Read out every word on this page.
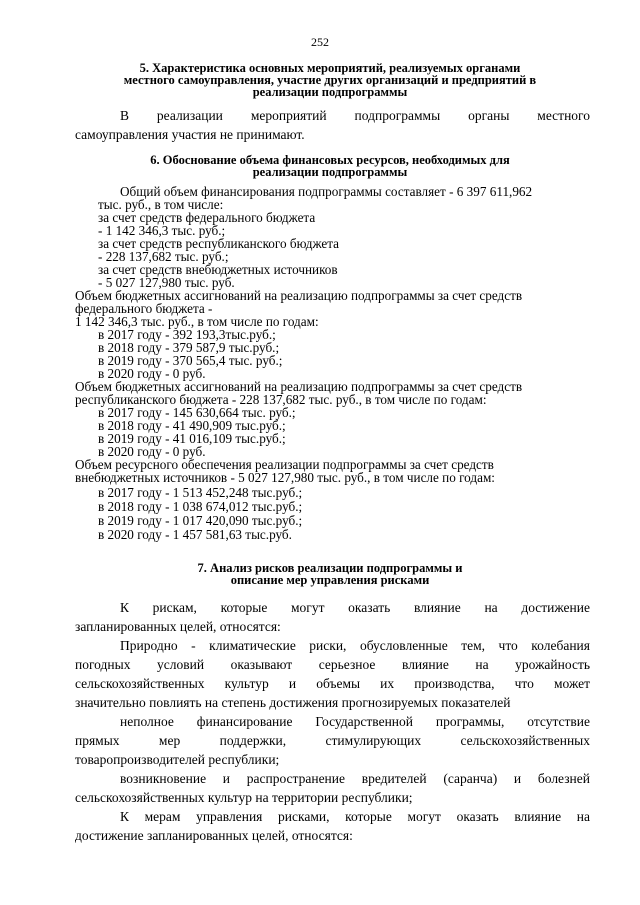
252
5. Характеристика основных мероприятий, реализуемых органами
местного самоуправления, участие других организаций и предприятий в
реализации подпрограммы
В реализации мероприятий подпрограммы органы местного
самоуправления участия не принимают.
6. Обоснование объема финансовых ресурсов, необходимых для
реализации подпрограммы
Общий объем финансирования подпрограммы составляет - 6 397 611,962
тыс. руб., в том числе:
за счет средств федерального бюджета
- 1 142 346,3 тыс. руб.;
за счет средств республиканского бюджета
- 228 137,682 тыс. руб.;
за счет средств внебюджетных источников
- 5 027 127,980 тыс. руб.
Объем бюджетных ассигнований на реализацию подпрограммы за счет средств
федерального бюджета -
1 142 346,3 тыс. руб., в том числе по годам:
в 2017 году - 392 193,3тыс.руб.;
в 2018 году - 379 587,9 тыс.руб.;
в 2019 году - 370 565,4 тыс. руб.;
в 2020 году - 0 руб.
Объем бюджетных ассигнований на реализацию подпрограммы за счет средств
республиканского бюджета - 228 137,682 тыс. руб., в том числе по годам:
в 2017 году - 145 630,664 тыс. руб.;
в 2018 году - 41 490,909 тыс.руб.;
в 2019 году - 41 016,109 тыс.руб.;
в 2020 году - 0 руб.
Объем ресурсного обеспечения реализации подпрограммы за счет средств
внебюджетных источников - 5 027 127,980 тыс. руб., в том числе по годам:
в 2017 году - 1 513 452,248 тыс.руб.;
в 2018 году - 1 038 674,012 тыс.руб.;
в 2019 году - 1 017 420,090 тыс.руб.;
в 2020 году - 1 457 581,63 тыс.руб.
7. Анализ рисков реализации подпрограммы и
описание мер управления рисками
К рискам, которые могут оказать влияние на достижение
запланированных целей, относятся:
Природно - климатические риски, обусловленные тем, что колебания
погодных условий оказывают серьезное влияние на урожайность
сельскохозяйственных культур и объемы их производства, что может
значительно повлиять на степень достижения прогнозируемых показателей
неполное финансирование Государственной программы, отсутствие
прямых мер поддержки, стимулирующих сельскохозяйственных
товаропроизводителей республики;
возникновение и распространение вредителей (саранча) и болезней
сельскохозяйственных культур на территории республики;
К мерам управления рисками, которые могут оказать влияние на
достижение запланированных целей, относятся:
